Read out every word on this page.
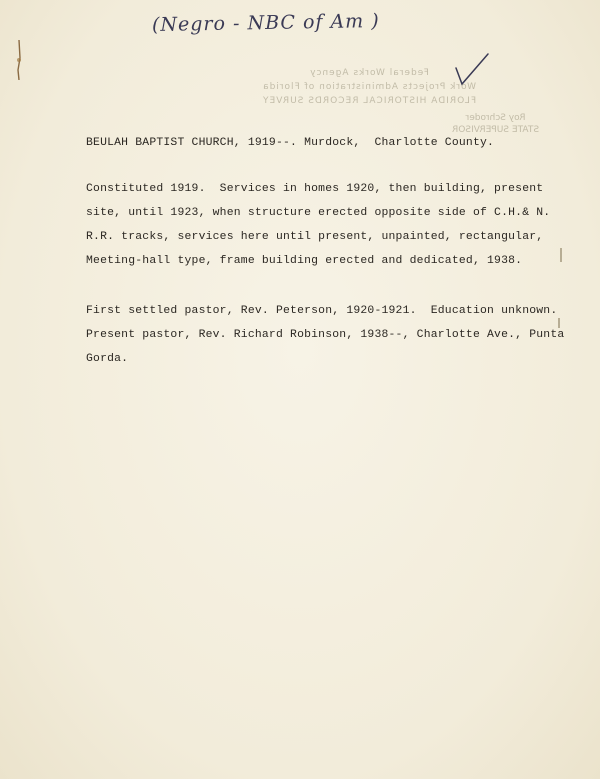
(Negro - NBC of Am )
Federal Works Agency
Work Projects Administration of Florida
FLORIDA HISTORICAL RECORDS SURVEY
Roy Schroder
STATE SUPERVISOR
BEULAH BAPTIST CHURCH, 1919--. Murdock,  Charlotte County.

Constituted 1919.  Services in homes 1920, then building, present

site, until 1923, when structure erected opposite side of C.H.& N.

R.R. tracks, services here until present, unpainted, rectangular,

Meeting-hall type, frame building erected and dedicated, 1938.

First settled pastor, Rev. Peterson, 1920-1921.  Education unknown.

Present pastor, Rev. Richard Robinson, 1938--, Charlotte Ave., Punta

Gorda.
